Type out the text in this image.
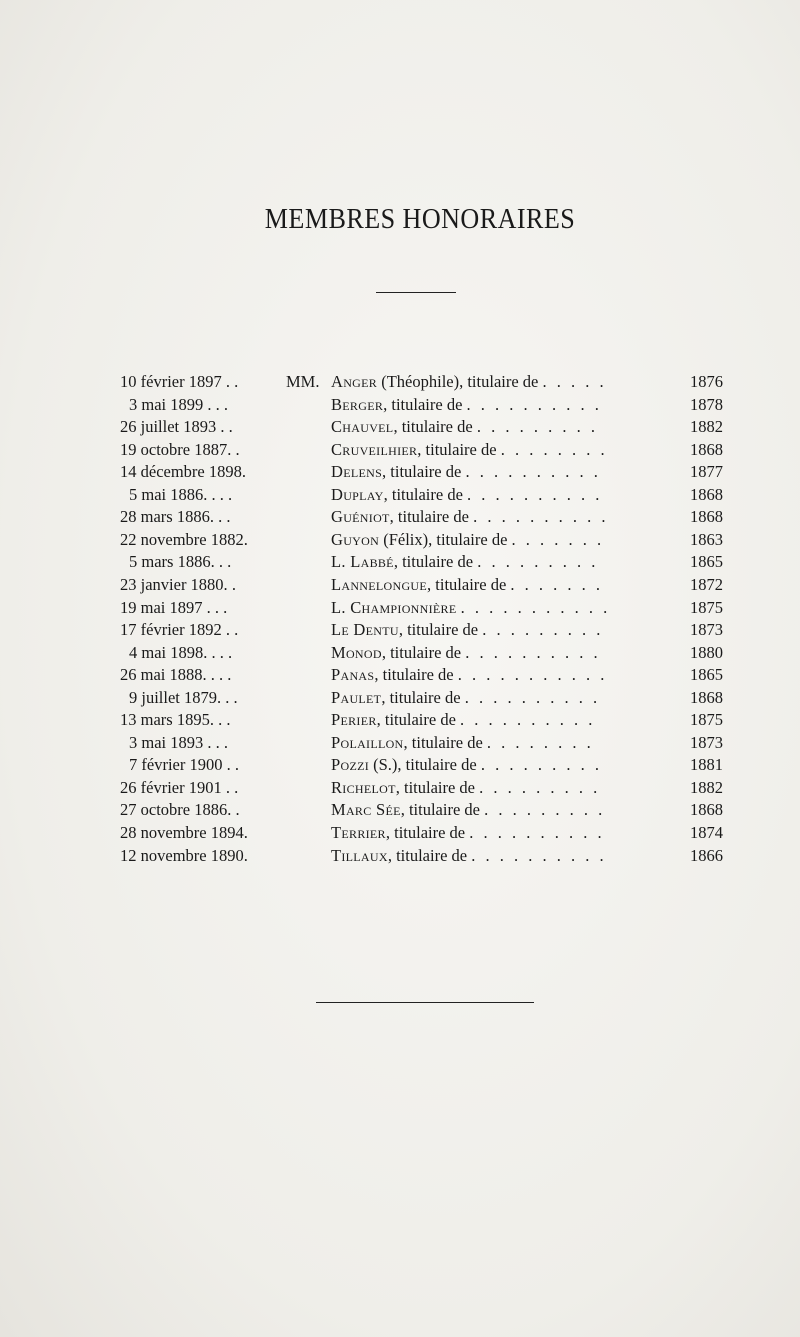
MEMBRES HONORAIRES
10 février 1897 . .	MM. Anger (Théophile), titulaire de . . . . .	1876
3 mai 1899 . . .	Berger, titulaire de . . . . . . . . . .	1878
26 juillet 1893 . .	Chauvel, titulaire de . . . . . . . . .	1882
19 octobre 1887. .	Cruveilhier, titulaire de . . . . . . . .	1868
14 décembre 1898.	Delens, titulaire de . . . . . . . . . .	1877
5 mai 1886. . . .	Duplay, titulaire de . . . . . . . . . .	1868
28 mars 1886. . .	Guéniot, titulaire de . . . . . . . . . .	1868
22 novembre 1882.	Guyon (Félix), titulaire de . . . . . . .	1863
5 mars 1886. . .	L. Labbé, titulaire de . . . . . . . . .	1865
23 janvier 1880. .	Lannelongue, titulaire de . . . . . . .	1872
19 mai 1897 . . .	L. Championnière . . . . . . . . . . .	1875
17 février 1892 . .	Le Dentu, titulaire de . . . . . . . . .	1873
4 mai 1898. . . .	Monod, titulaire de . . . . . . . . . .	1880
26 mai 1888. . . .	Panas, titulaire de . . . . . . . . . . .	1865
9 juillet 1879. . .	Paulet, titulaire de . . . . . . . . . .	1868
13 mars 1895. . .	Perier, titulaire de . . . . . . . . . .	1875
3 mai 1893 . . .	Polaillon, titulaire de . . . . . . . .	1873
7 février 1900 . .	Pozzi (S.), titulaire de . . . . . . . . .	1881
26 février 1901 . .	Richelot, titulaire de . . . . . . . . .	1882
27 octobre 1886. .	Marc Sée, titulaire de . . . . . . . . .	1868
28 novembre 1894.	Terrier, titulaire de . . . . . . . . . .	1874
12 novembre 1890.	Tillaux, titulaire de . . . . . . . . . .	1866
